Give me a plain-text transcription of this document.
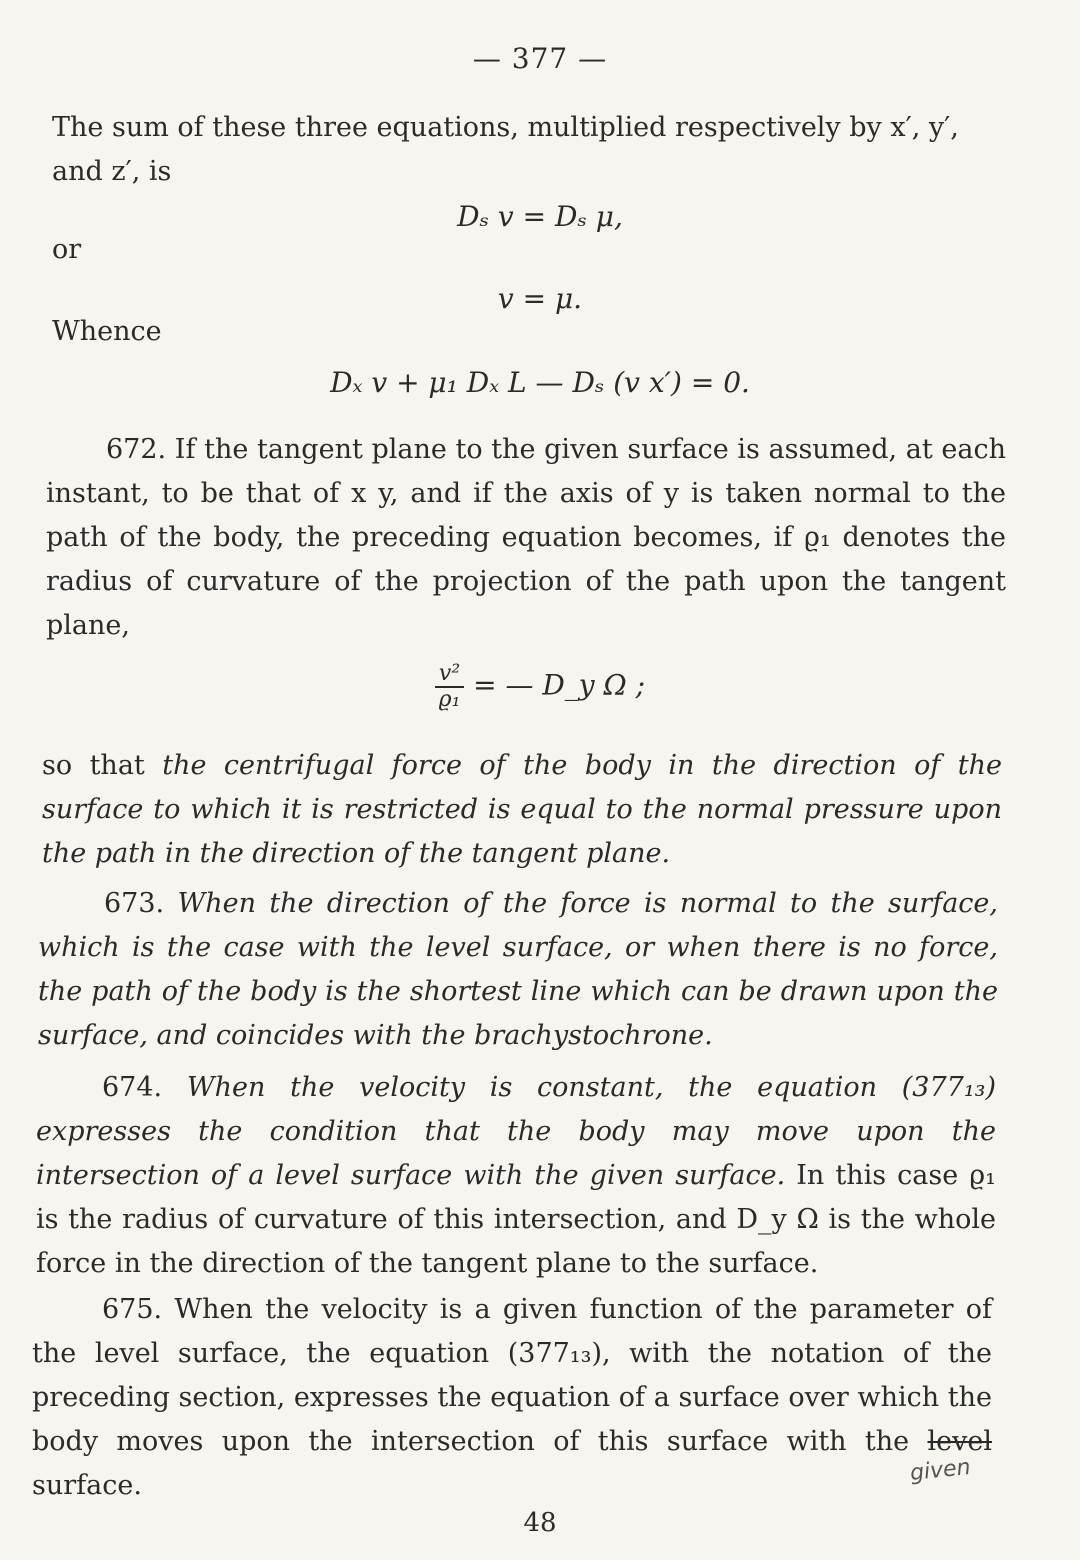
— 377 —
The sum of these three equations, multiplied respectively by x′, y′,
and z′, is
Dₛ v = Dₛ μ,
or
v = μ.
Whence
Dₓ v + μ₁ Dₓ L — Dₛ (v x′) = 0.
672. If the tangent plane to the given surface is assumed, at each instant, to be that of x y, and if the axis of y is taken normal to the path of the body, the preceding equation becomes, if ϱ₁ denotes the radius of curvature of the projection of the path upon the tangent plane,
$\frac{\text{v²}}{\text{ϱ₁}}$ = — D_y Ω ;
so that the centrifugal force of the body in the direction of the surface to which it is restricted is equal to the normal pressure upon the path in the direction of the tangent plane.
673. When the direction of the force is normal to the surface, which is the case with the level surface, or when there is no force, the path of the body is the shortest line which can be drawn upon the surface, and coincides with the brachystochrone.
674. When the velocity is constant, the equation (377₁₃) expresses the condition that the body may move upon the intersection of a level surface with the given surface. In this case ϱ₁ is the radius of curvature of this intersection, and D_y Ω is the whole force in the direction of the tangent plane to the surface.
675. When the velocity is a given function of the parameter of the level surface, the equation (377₁₃), with the notation of the preceding section, expresses the equation of a surface over which the body moves upon the intersection of this surface with the level surface.	given
48
